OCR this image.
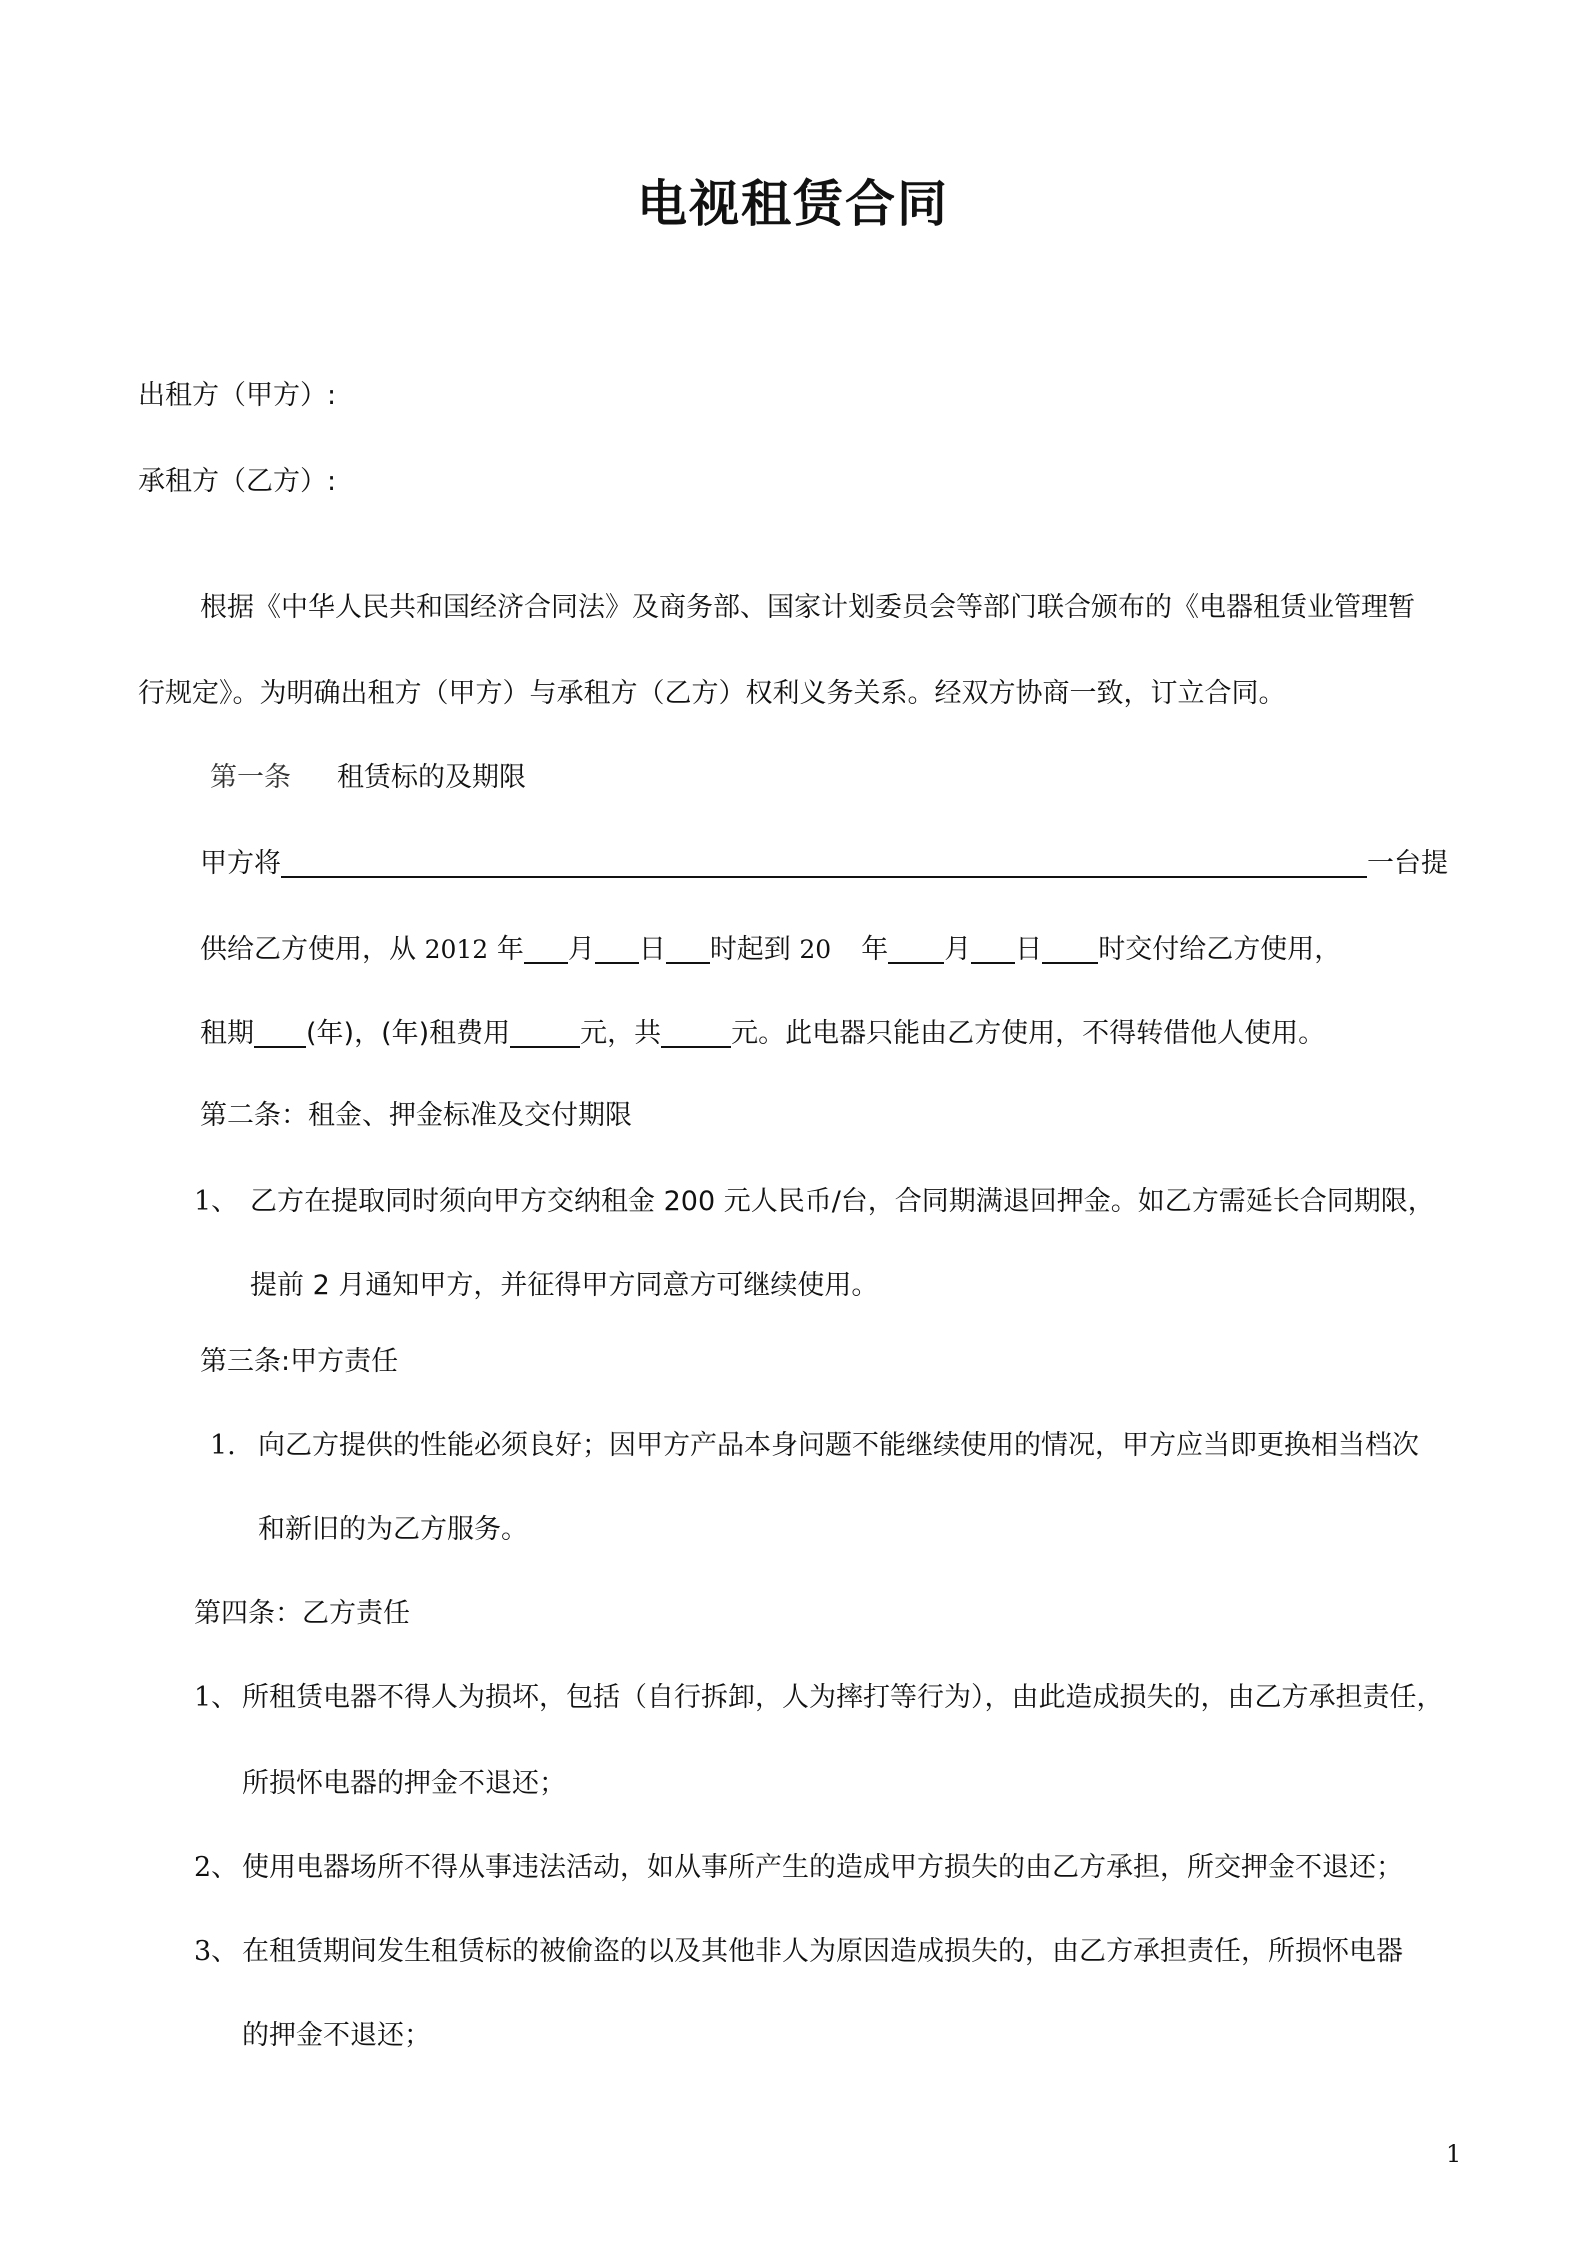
电视租赁合同
出租方（甲方）:
承租方（乙方）:
根据《中华人民共和国经济合同法》及商务部、国家计划委员会等部门联合颁布的《电器租赁业管理暂
行规定》。为明确出租方（甲方）与承租方（乙方）权利义务关系。经双方协商一致，订立合同。
第一条 租赁标的及期限
甲方将	一台提
供给乙方使用，从 2012 年 月 日 时起到 20 年 月 日 时交付给乙方使用，
租期 (年)，(年)租费用	元，共	元。此电器只能由乙方使用，不得转借他人使用。
第二条：租金、押金标准及交付期限
1、 乙方在提取同时须向甲方交纳租金 200 元人民币/台，合同期满退回押金。如乙方需延长合同期限，
提前 2 月通知甲方，并征得甲方同意方可继续使用。
第三条:甲方责任
1. 向乙方提供的性能必须良好；因甲方产品本身问题不能继续使用的情况，甲方应当即更换相当档次
和新旧的为乙方服务。
第四条：乙方责任
1、 所租赁电器不得人为损坏，包括（自行拆卸，人为摔打等行为），由此造成损失的，由乙方承担责任，
所损怀电器的押金不退还；
2、 使用电器场所不得从事违法活动，如从事所产生的造成甲方损失的由乙方承担，所交押金不退还；
3、 在租赁期间发生租赁标的被偷盗的以及其他非人为原因造成损失的，由乙方承担责任，所损怀电器
的押金不退还；
1
